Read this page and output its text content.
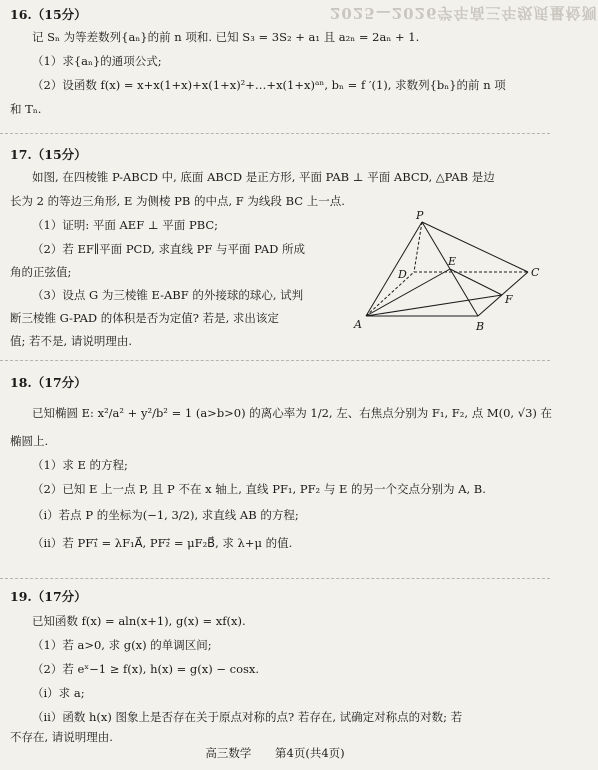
2025—2026学年高三年级质量检测
16.（15分）
记 Sₙ 为等差数列{aₙ}的前 n 项和. 已知 S₃ = 3S₂ + a₁ 且 a₂ₙ = 2aₙ + 1.
（1）求{aₙ}的通项公式;
（2）设函数 f(x) = x+x(1+x)+x(1+x)²+…+x(1+x)ᵃⁿ, bₙ = f ′(1), 求数列{bₙ}的前 n 项
和 Tₙ.
17.（15分）
如图, 在四棱锥 P-ABCD 中, 底面 ABCD 是正方形, 平面 PAB ⊥ 平面 ABCD, △PAB 是边
长为 2 的等边三角形, E 为侧棱 PB 的中点, F 为线段 BC 上一点.
（1）证明: 平面 AEF ⊥ 平面 PBC;
（2）若 EF∥平面 PCD, 求直线 PF 与平面 PAD 所成
角的正弦值;
（3）设点 G 为三棱锥 E-ABF 的外接球的球心, 试判
断三棱锥 G-PAD 的体积是否为定值? 若是, 求出该定
值; 若不是, 请说明理由.
P
D
E
C
F
A	B
18.（17分）
已知椭圆 E: x²/a² + y²/b² = 1 (a>b>0) 的离心率为 1/2, 左、右焦点分别为 F₁, F₂, 点 M(0, √3) 在
椭圆上.
（1）求 E 的方程;
（2）已知 E 上一点 P, 且 P 不在 x 轴上, 直线 PF₁, PF₂ 与 E 的另一个交点分别为 A, B.
（ⅰ）若点 P 的坐标为(−1, 3/2), 求直线 AB 的方程;
（ⅱ）若 PF₁⃗ = λF₁A⃗, PF₂⃗ = μF₂B⃗, 求 λ+μ 的值.
19.（17分）
已知函数 f(x) = aln(x+1), g(x) = xf(x).
（1）若 a>0, 求 g(x) 的单调区间;
（2）若 eˣ−1 ≥ f(x), h(x) = g(x) − cosx.
（ⅰ）求 a;
（ⅱ）函数 h(x) 图象上是否存在关于原点对称的点? 若存在, 试确定对称点的对数; 若
不存在, 请说明理由.
高三数学 第4页(共4页)
